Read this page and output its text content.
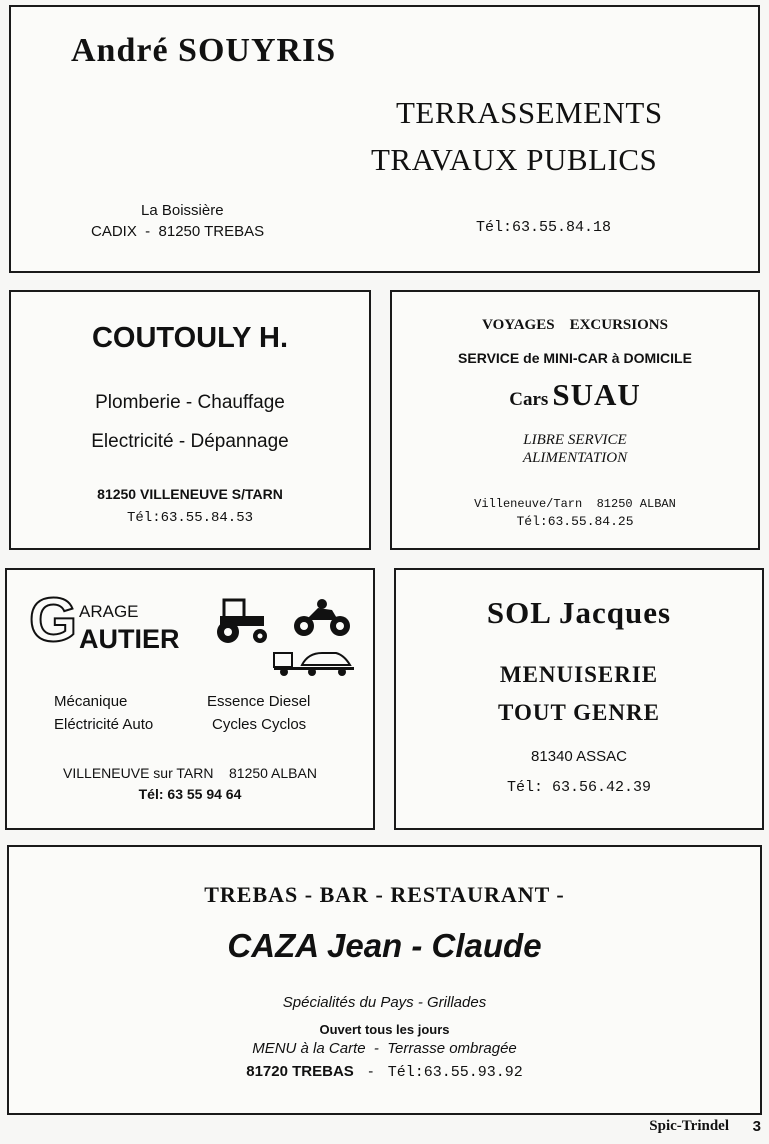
André SOUYRIS
TERRASSEMENTS
TRAVAUX PUBLICS
La Boissière
CADIX  -  81250 TREBAS	Tél:63.55.84.18
COUTOULY H.
Plomberie - Chauffage
Electricité - Dépannage
81250 VILLENEUVE S/TARN
Tél:63.55.84.53
VOYAGES    EXCURSIONS
SERVICE de MINI-CAR à DOMICILE
Cars SUAU
LIBRE SERVICE
ALIMENTATION
Villeneuve/Tarn  81250 ALBAN
Tél:63.55.84.25
G ARAGE
AUTIER
Mécanique	Essence Diesel
Eléctricité Auto	Cycles Cyclos
VILLENEUVE sur TARN    81250 ALBAN
Tél: 63 55 94 64
SOL Jacques
MENUISERIE
TOUT GENRE
81340 ASSAC
Tél: 63.56.42.39
TREBAS - BAR - RESTAURANT -
CAZA Jean - Claude
Spécialités du Pays - Grillades
Ouvert tous les jours
MENU à la Carte  -  Terrasse ombragée
81720 TREBAS - Tél:63.55.93.92
Spic-Trindel 3
